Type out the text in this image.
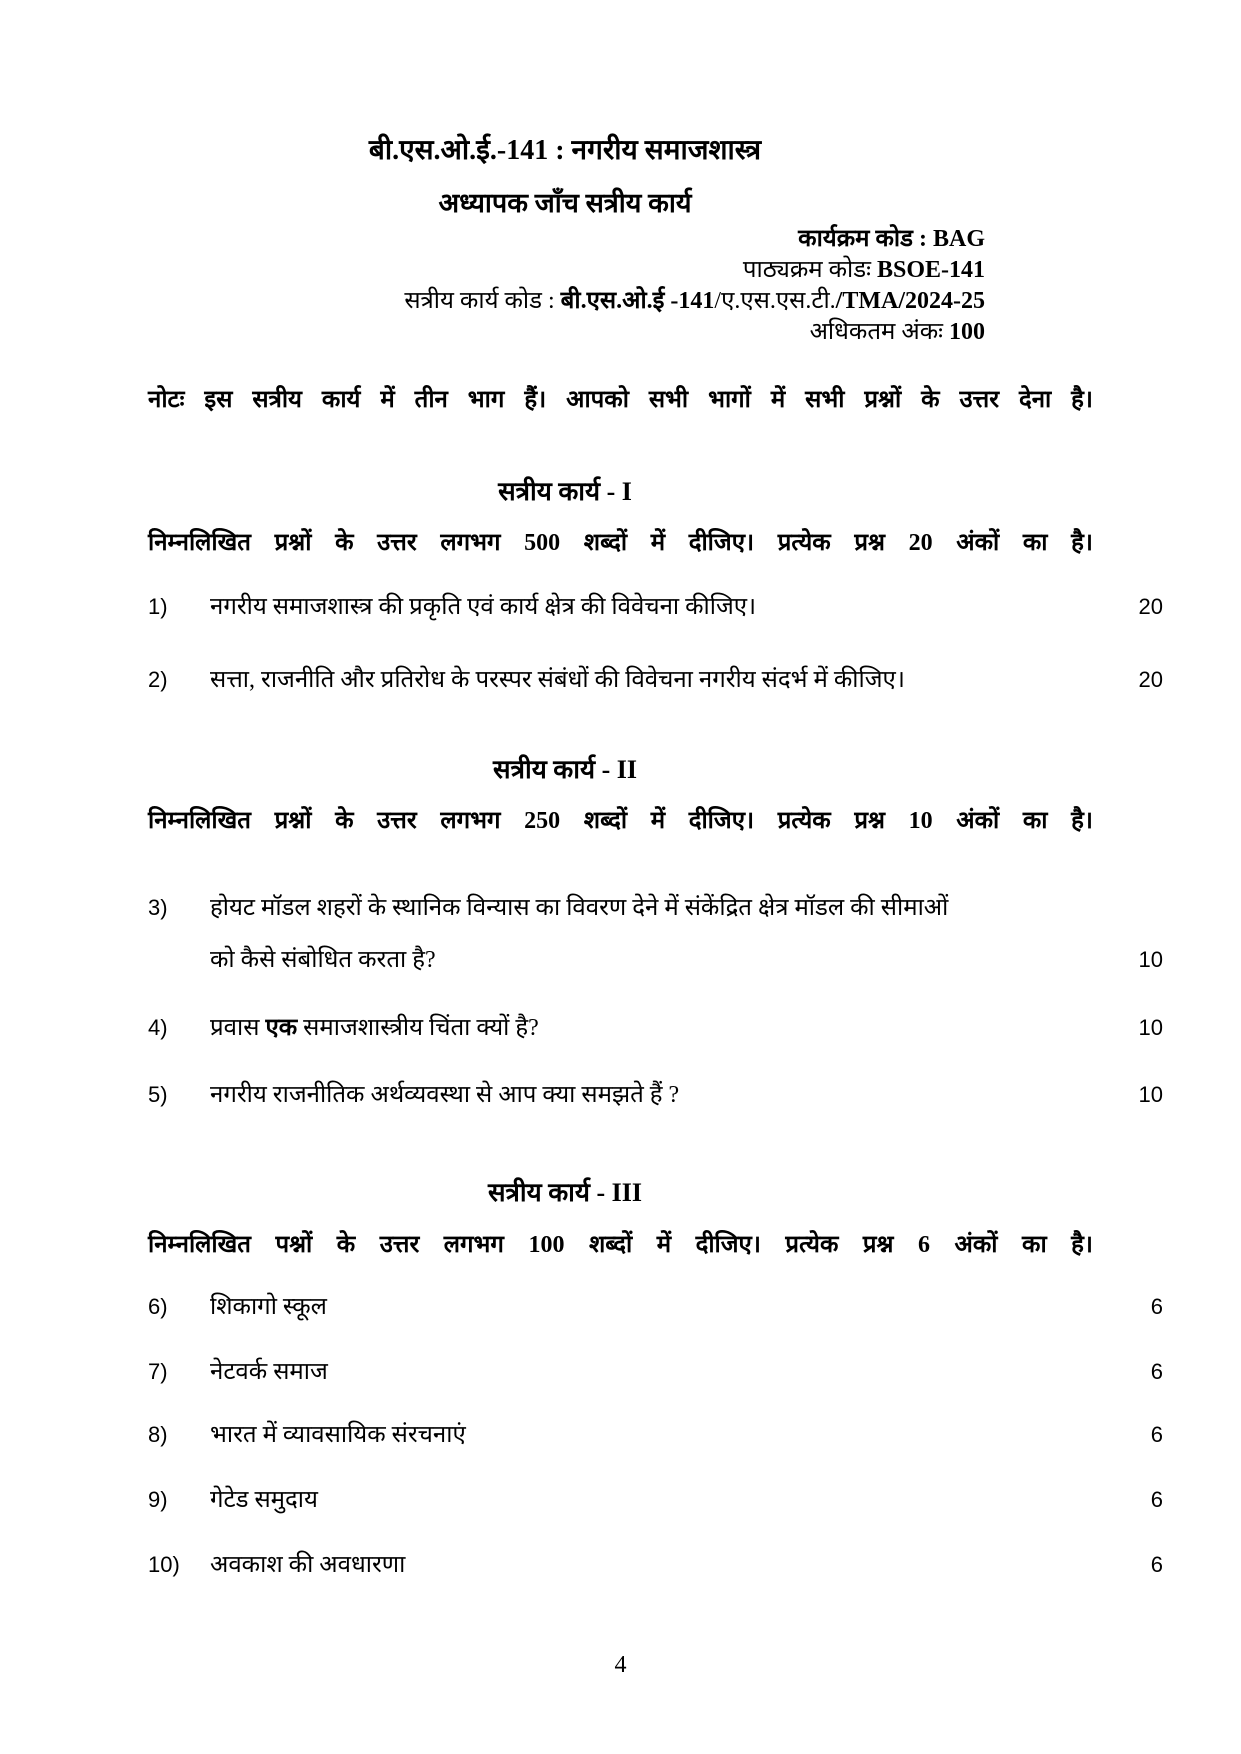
बी.एस.ओ.ई.-141 : नगरीय समाजशास्त्र
अध्यापक जाँच सत्रीय कार्य
कार्यक्रम कोड : BAG
पाठ्यक्रम कोडः BSOE-141
सत्रीय कार्य कोड : बी.एस.ओ.ई -141/ए.एस.एस.टी./TMA/2024-25
अधिकतम अंकः 100
नोटः इस सत्रीय कार्य में तीन भाग हैं। आपको सभी भागों में सभी प्रश्नों के उत्तर देना है।
सत्रीय कार्य - I
निम्नलिखित प्रश्नों के उत्तर लगभग 500 शब्दों में दीजिए। प्रत्येक प्रश्न 20 अंकों का है।
1) नगरीय समाजशास्त्र की प्रकृति एवं कार्य क्षेत्र की विवेचना कीजिए।	20
2) सत्ता, राजनीति और प्रतिरोध के परस्पर संबंधों की विवेचना नगरीय संदर्भ में कीजिए।	20
सत्रीय कार्य - II
निम्नलिखित प्रश्नों के उत्तर लगभग 250 शब्दों में दीजिए। प्रत्येक प्रश्न 10 अंकों का है।
3) होयट मॉडल शहरों के स्थानिक विन्यास का विवरण देने में संकेंद्रित क्षेत्र मॉडल की सीमाओं
को कैसे संबोधित करता है?	10
4) प्रवास एक समाजशास्त्रीय चिंता क्यों है?	10
5) नगरीय राजनीतिक अर्थव्यवस्था से आप क्या समझते हैं ?	10
सत्रीय कार्य - III
निम्नलिखित पश्नों के उत्तर लगभग 100 शब्दों में दीजिए। प्रत्येक प्रश्न 6 अंकों का है।
6) शिकागो स्कूल	6
7) नेटवर्क समाज	6
8) भारत में व्यावसायिक संरचनाएं	6
9) गेटेड समुदाय	6
10) अवकाश की अवधारणा	6
4
